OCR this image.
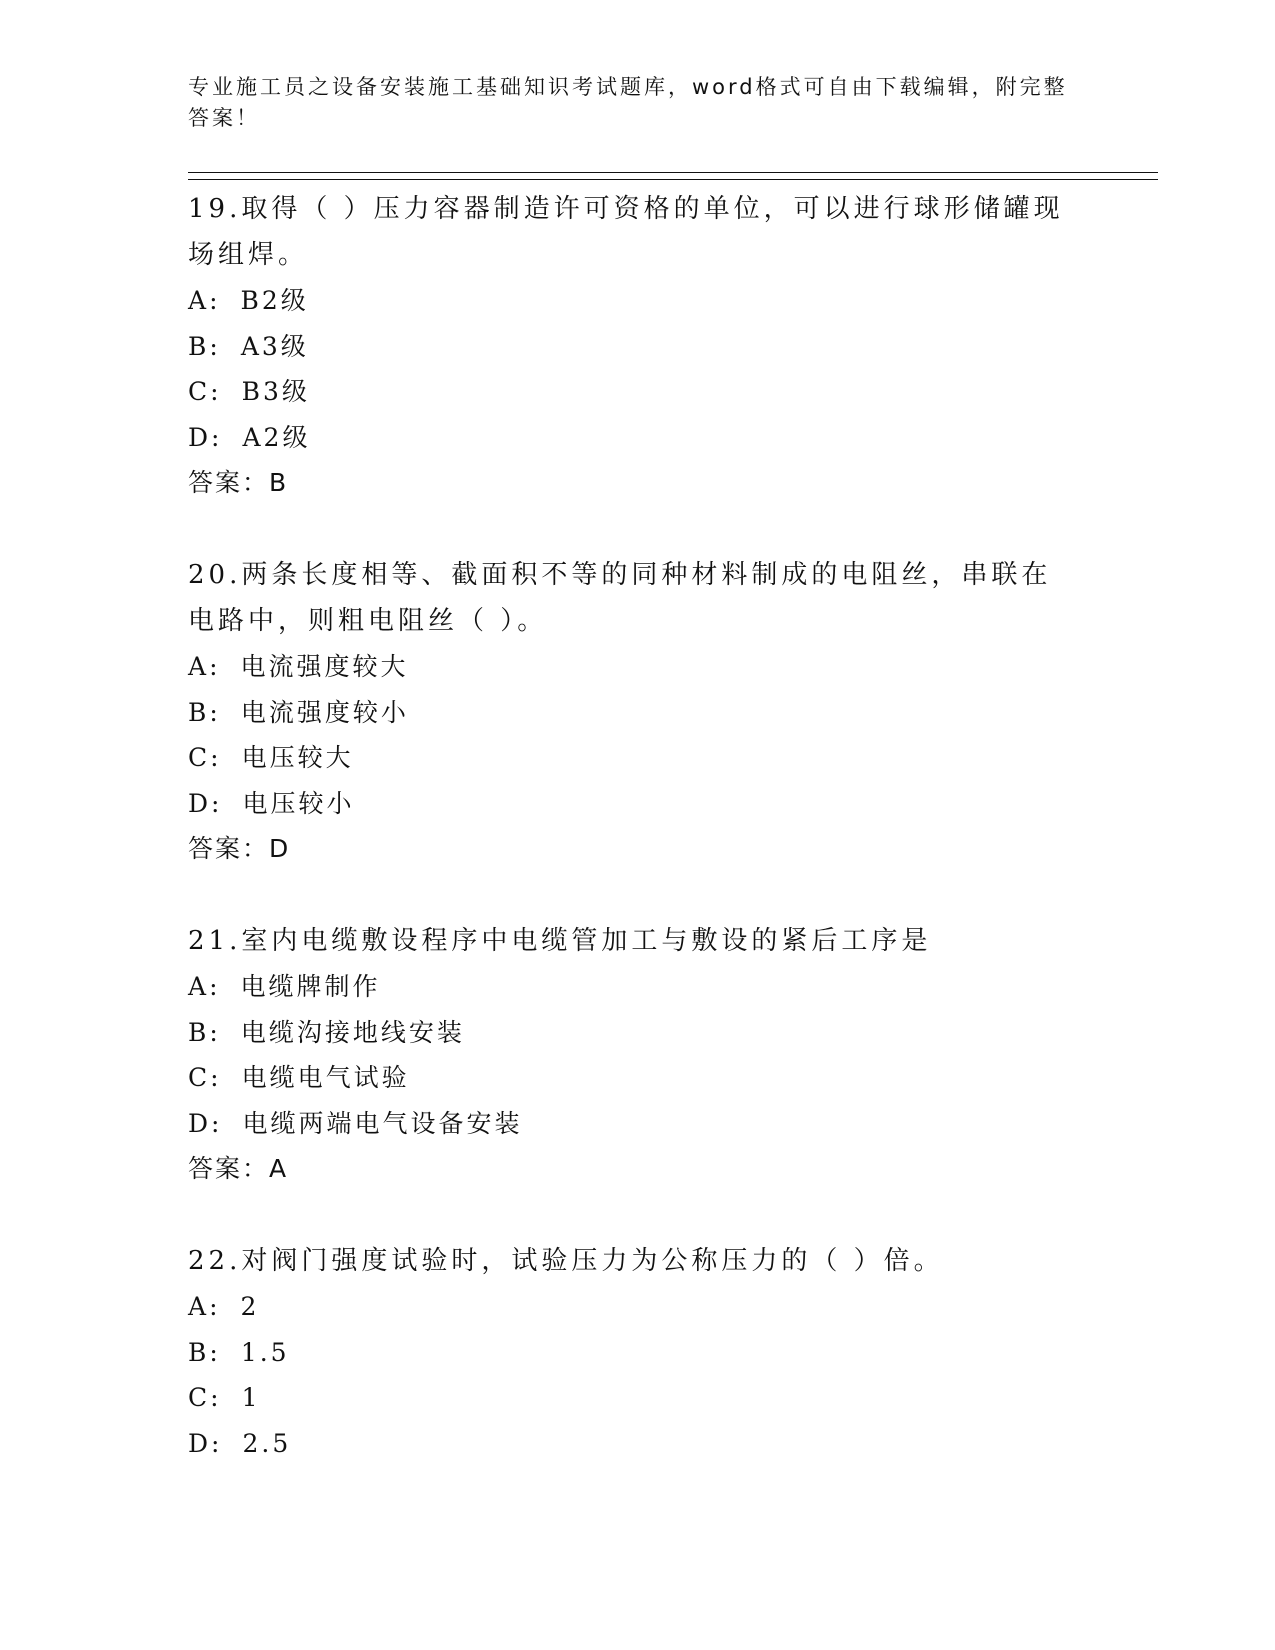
专业施工员之设备安装施工基础知识考试题库，word格式可自由下载编辑，附完整答案！

19.取得（ ）压力容器制造许可资格的单位，可以进行球形储罐现场组焊。

A: B2级

B: A3级

C: B3级

D: A2级

答案：B

20.两条长度相等、截面积不等的同种材料制成的电阻丝，串联在电路中，则粗电阻丝（ ）。

A: 电流强度较大

B: 电流强度较小

C: 电压较大

D: 电压较小

答案：D

21.室内电缆敷设程序中电缆管加工与敷设的紧后工序是

A: 电缆牌制作

B: 电缆沟接地线安装

C: 电缆电气试验

D: 电缆两端电气设备安装

答案：A

22.对阀门强度试验时，试验压力为公称压力的（ ）倍。

A: 2

B: 1.5

C: 1

D: 2.5
